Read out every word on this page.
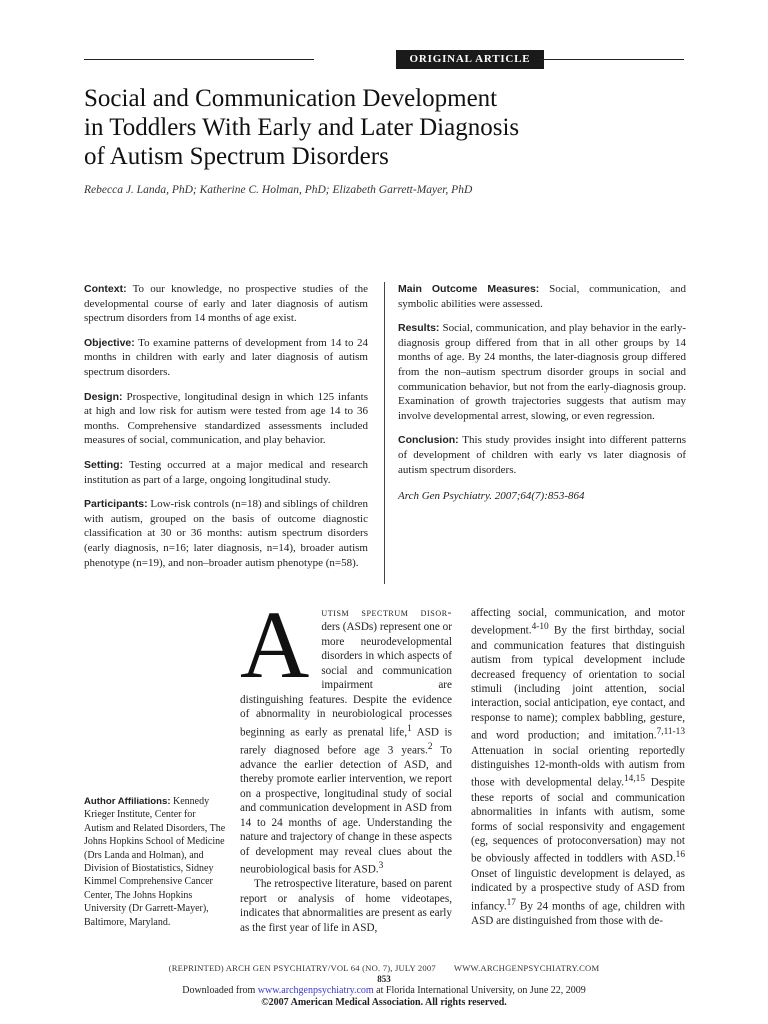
ORIGINAL ARTICLE
Social and Communication Development
in Toddlers With Early and Later Diagnosis
of Autism Spectrum Disorders
Rebecca J. Landa, PhD; Katherine C. Holman, PhD; Elizabeth Garrett-Mayer, PhD

Context: To our knowledge, no prospective studies of the developmental course of early and later diagnosis of autism spectrum disorders from 14 months of age exist.

Objective: To examine patterns of development from 14 to 24 months in children with early and later diagnosis of autism spectrum disorders.

Design: Prospective, longitudinal design in which 125 infants at high and low risk for autism were tested from age 14 to 36 months. Comprehensive standardized assessments included measures of social, communication, and play behavior.

Setting: Testing occurred at a major medical and research institution as part of a large, ongoing longitudinal study.

Participants: Low-risk controls (n=18) and siblings of children with autism, grouped on the basis of outcome diagnostic classification at 30 or 36 months: autism spectrum disorders (early diagnosis, n=16; later diagnosis, n=14), broader autism phenotype (n=19), and non–broader autism phenotype (n=58).

Main Outcome Measures: Social, communication, and symbolic abilities were assessed.

Results: Social, communication, and play behavior in the early-diagnosis group differed from that in all other groups by 14 months of age. By 24 months, the later-diagnosis group differed from the non–autism spectrum disorder groups in social and communication behavior, but not from the early-diagnosis group. Examination of growth trajectories suggests that autism may involve developmental arrest, slowing, or even regression.

Conclusion: This study provides insight into different patterns of development of children with early vs later diagnosis of autism spectrum disorders.

Arch Gen Psychiatry. 2007;64(7):853-864

Author Affiliations: Kennedy Krieger Institute, Center for Autism and Related Disorders, The Johns Hopkins School of Medicine (Drs Landa and Holman), and Division of Biostatistics, Sidney Kimmel Comprehensive Cancer Center, The Johns Hopkins University (Dr Garrett-Mayer), Baltimore, Maryland.

A utism spectrum disor- ders (ASDs) represent one or more neurodevelopmental disorders in which aspects of social and communication impairment are distinguishing features. Despite the evidence of abnormality in neurobiological processes beginning as early as prenatal life,$^1$ ASD is rarely diagnosed before age 3 years.$^2$ To advance the earlier detection of ASD, and thereby promote earlier intervention, we report on a prospective, longitudinal study of social and communication development in ASD from 14 to 24 months of age. Understanding the nature and trajectory of change in these aspects of development may reveal clues about the neurobiological basis for ASD.$^3$

The retrospective literature, based on parent report or analysis of home videotapes, indicates that abnormalities are present as early as the first year of life in ASD,

affecting social, communication, and motor development.$^{4-10}$ By the first birthday, social and communication features that distinguish autism from typical development include decreased frequency of orientation to social stimuli (including joint attention, social interaction, social anticipation, eye contact, and response to name); complex babbling, gesture, and word production; and imitation.$^{7,11-13}$ Attenuation in social orienting reportedly distinguishes 12-month-olds with autism from those with developmental delay.$^{14,15}$ Despite these reports of social and communication abnormalities in infants with autism, some forms of social responsivity and engagement (eg, sequences of protoconversation) may not be obviously affected in toddlers with ASD.$^{16}$ Onset of linguistic development is delayed, as indicated by a prospective study of ASD from infancy.$^{17}$ By 24 months of age, children with ASD are distinguished from those with de-

(REPRINTED) ARCH GEN PSYCHIATRY/VOL 64 (NO. 7), JULY 2007 WWW.ARCHGENPSYCHIATRY.COM
853
Downloaded from www.archgenpsychiatry.com at Florida International University, on June 22, 2009
©2007 American Medical Association. All rights reserved.
